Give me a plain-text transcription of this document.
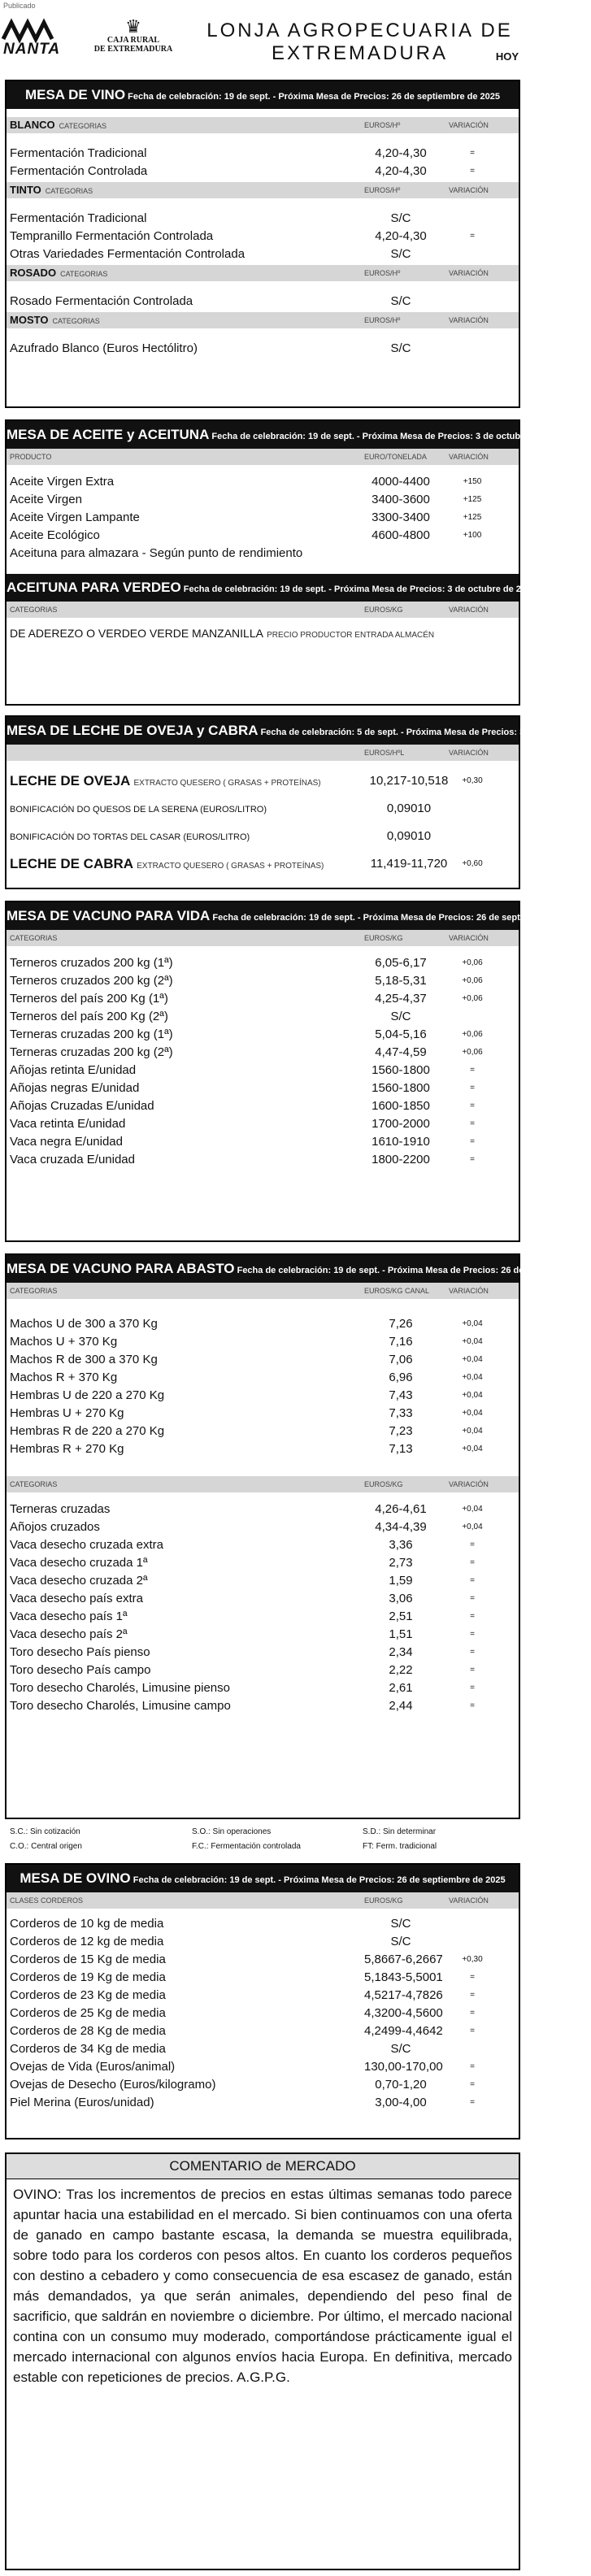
Publicado
NANTA
♛
CAJA RURAL
DE EXTREMADURA
LONJA AGROPECUARIA DE
EXTREMADURA	HOY
MESA DE VINO Fecha de celebración: 19 de sept. - Próxima Mesa de Precios: 26 de septiembre de 2025
BLANCO CATEGORIAS	EUROS/Hº	VARIACIÓN
Fermentación Tradicional	4,20-4,30	=
Fermentación Controlada	4,20-4,30	=
TINTO CATEGORIAS	EUROS/Hº	VARIACIÓN
Fermentación Tradicional	S/C
Tempranillo Fermentación Controlada	4,20-4,30	=
Otras Variedades Fermentación Controlada	S/C
ROSADO CATEGORIAS	EUROS/Hº	VARIACIÓN
Rosado Fermentación Controlada	S/C
MOSTO CATEGORIAS	EUROS/Hº	VARIACIÓN
Azufrado Blanco (Euros Hectólitro)	S/C
MESA DE ACEITE y ACEITUNA Fecha de celebración: 19 de sept. - Próxima Mesa de Precios: 3 de octubre de 2025
PRODUCTO	EURO/TONELADA	VARIACIÓN
Aceite Virgen Extra	4000-4400	+150
Aceite Virgen	3400-3600	+125
Aceite Virgen Lampante	3300-3400	+125
Aceite Ecológico	4600-4800	+100
Aceituna para almazara - Según punto de rendimiento
ACEITUNA PARA VERDEO Fecha de celebración: 19 de sept. - Próxima Mesa de Precios: 3 de octubre de 2025
CATEGORIAS	EUROS/KG	VARIACIÓN
DE ADEREZO O VERDEO VERDE MANZANILLA PRECIO PRODUCTOR ENTRADA ALMACÉN
MESA DE LECHE DE OVEJA y CABRA Fecha de celebración: 5 de sept. - Próxima Mesa de Precios: 3 de oct. de 2025
EUROS/HºL	VARIACIÓN
LECHE DE OVEJA EXTRACTO QUESERO ( GRASAS + PROTEÍNAS)	10,217-10,518	+0,30
BONIFICACIÓN DO QUESOS DE LA SERENA (EUROS/LITRO)	0,09010
BONIFICACIÓN DO TORTAS DEL CASAR (EUROS/LITRO)	0,09010
LECHE DE CABRA EXTRACTO QUESERO ( GRASAS + PROTEÍNAS)	11,419-11,720	+0,60
MESA DE VACUNO PARA VIDA Fecha de celebración: 19 de sept. - Próxima Mesa de Precios: 26 de septiembre de 2025
CATEGORIAS	EUROS/KG	VARIACIÓN
Terneros cruzados 200 kg (1ª)	6,05-6,17	+0,06
Terneros cruzados 200 kg (2ª)	5,18-5,31	+0,06
Terneros del país 200 Kg (1ª)	4,25-4,37	+0,06
Terneros del país 200 Kg (2ª)	S/C
Terneras cruzadas 200 kg (1ª)	5,04-5,16	+0,06
Terneras cruzadas 200 kg (2ª)	4,47-4,59	+0,06
Añojas retinta E/unidad	1560-1800	=
Añojas negras E/unidad	1560-1800	=
Añojas Cruzadas E/unidad	1600-1850	=
Vaca retinta E/unidad	1700-2000	=
Vaca negra E/unidad	1610-1910	=
Vaca cruzada E/unidad	1800-2200	=
MESA DE VACUNO PARA ABASTO Fecha de celebración: 19 de sept. - Próxima Mesa de Precios: 26 de sept. de 2025
CATEGORIAS	EUROS/KG CANAL	VARIACIÓN
Machos U de 300 a 370 Kg	7,26	+0,04
Machos U + 370 Kg	7,16	+0,04
Machos R de 300 a 370 Kg	7,06	+0,04
Machos R + 370 Kg	6,96	+0,04
Hembras U de 220 a 270 Kg	7,43	+0,04
Hembras U + 270 Kg	7,33	+0,04
Hembras R de 220 a 270 Kg	7,23	+0,04
Hembras R + 270 Kg	7,13	+0,04
CATEGORIAS	EUROS/KG	VARIACIÓN
Terneras cruzadas	4,26-4,61	+0,04
Añojos cruzados	4,34-4,39	+0,04
Vaca desecho cruzada extra	3,36	=
Vaca desecho cruzada 1ª	2,73	=
Vaca desecho cruzada 2ª	1,59	=
Vaca desecho país extra	3,06	=
Vaca desecho país 1ª	2,51	=
Vaca desecho país 2ª	1,51	=
Toro desecho País pienso	2,34	=
Toro desecho País campo	2,22	=
Toro desecho Charolés, Limusine pienso	2,61	=
Toro desecho Charolés, Limusine campo	2,44	=
S.C.: Sin cotización	S.O.: Sin operaciones	S.D.: Sin determinar
C.O.: Central origen	F.C.: Fermentación controlada	FT: Ferm. tradicional
MESA DE OVINO Fecha de celebración: 19 de sept. - Próxima Mesa de Precios: 26 de septiembre de 2025
CLASES CORDEROS	EUROS/KG	VARIACIÓN
Corderos de 10 kg de media	S/C
Corderos de 12 kg de media	S/C
Corderos de 15 Kg de media	5,8667-6,2667	+0,30
Corderos de 19 Kg de media	5,1843-5,5001	=
Corderos de 23 Kg de media	4,5217-4,7826	=
Corderos de 25 Kg de media	4,3200-4,5600	=
Corderos de 28 Kg de media	4,2499-4,4642	=
Corderos de 34 Kg de media	S/C
Ovejas de Vida (Euros/animal)	130,00-170,00	=
Ovejas de Desecho (Euros/kilogramo)	0,70-1,20	=
Piel Merina (Euros/unidad)	3,00-4,00	=
COMENTARIO de MERCADO
OVINO: Tras los incrementos de precios en estas últimas semanas todo parece apuntar hacia una estabilidad en el mercado. Si bien continuamos con una oferta de ganado en campo bastante escasa, la demanda se muestra equilibrada, sobre todo para los corderos con pesos altos. En cuanto los corderos pequeños con destino a cebadero y como consecuencia de esa escasez de ganado, están más demandados, ya que serán animales, dependiendo del peso final de sacrificio, que saldrán en noviembre o diciembre. Por último, el mercado nacional contina con un consumo muy moderado, comportándose prácticamente igual el mercado internacional con algunos envíos hacia Europa. En definitiva, mercado estable con repeticiones de precios. A.G.P.G.
